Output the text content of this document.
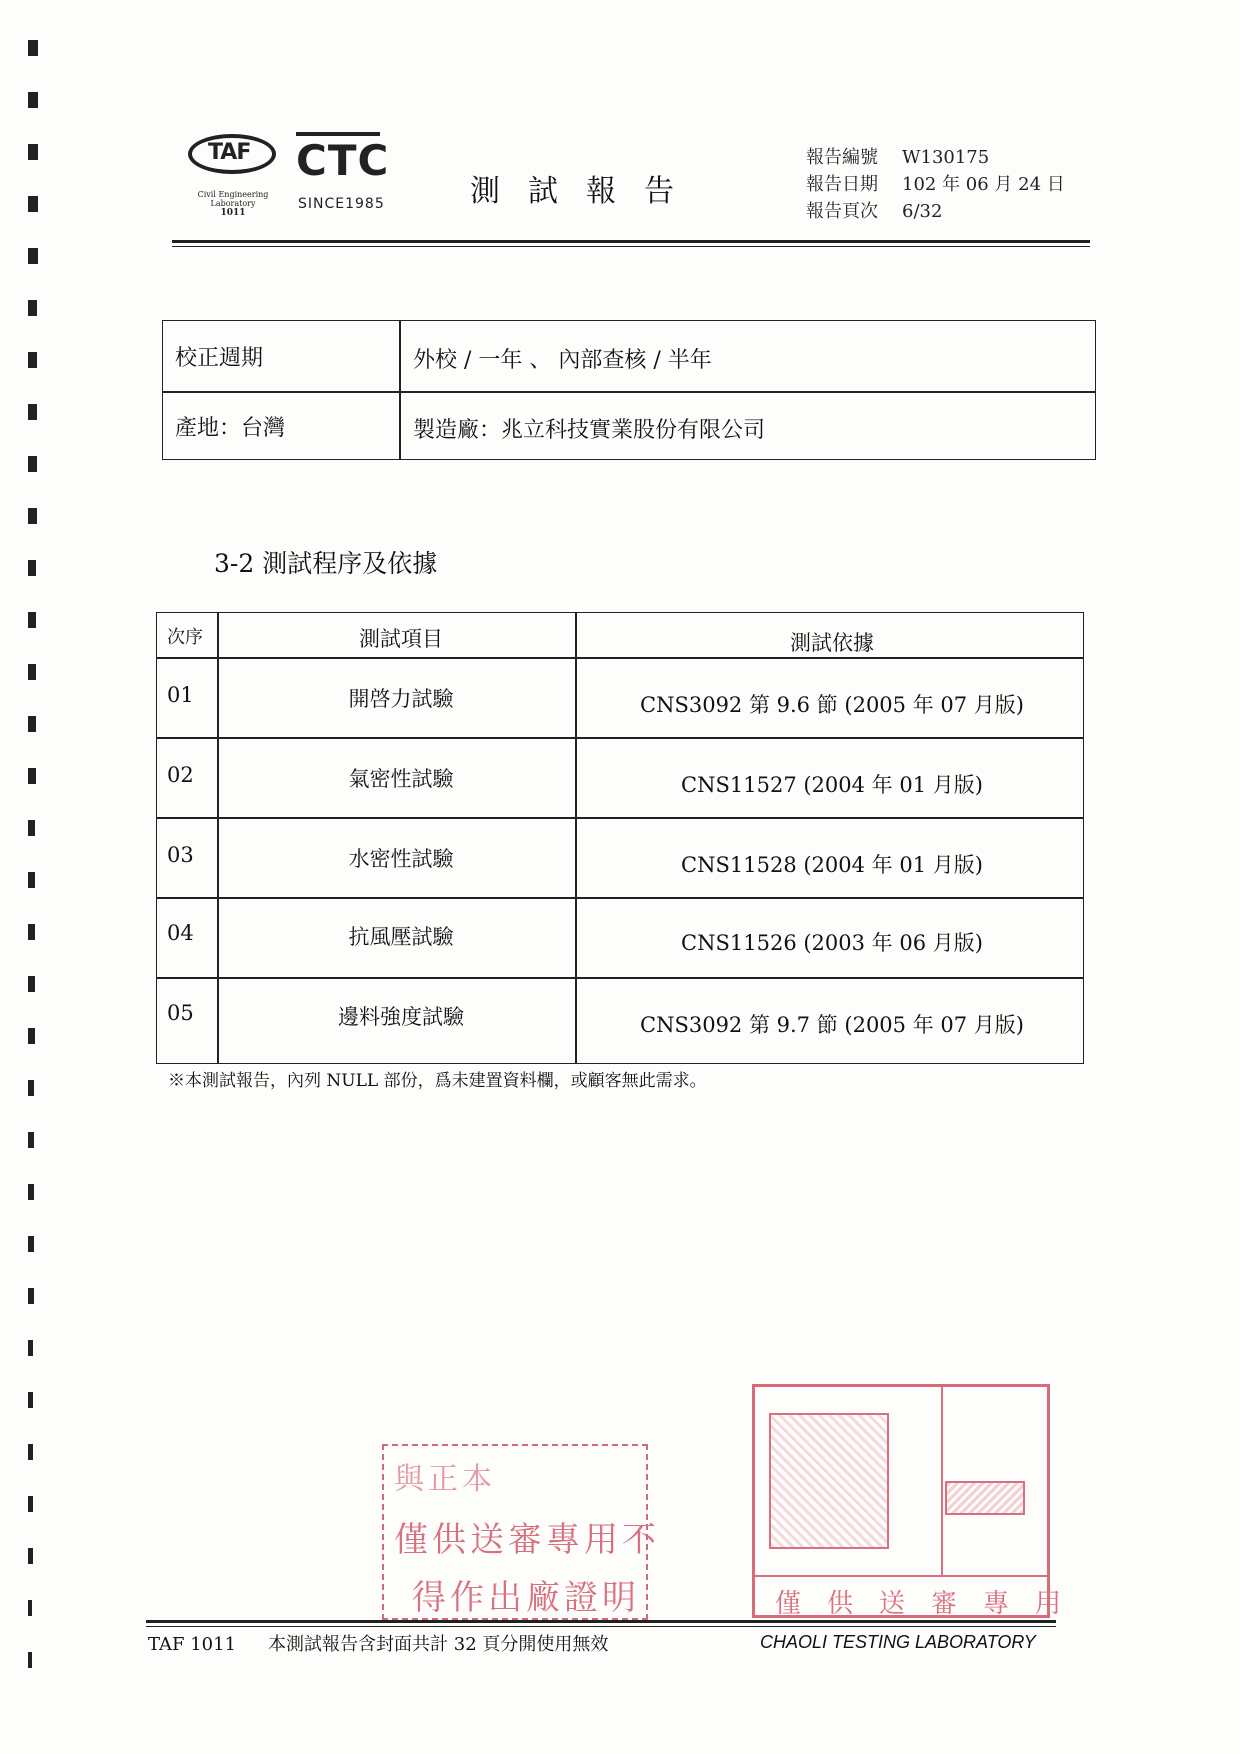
TAF
Civil Engineering Laboratory
1011
CTC
SINCE1985	測試報告
報告編號 W130175
報告日期 102 年 06 月 24 日
報告頁次 6/32
校正週期	外校 / 一年 、 內部查核 / 半年
產地：台灣	製造廠：兆立科技實業股份有限公司
3-2 測試程序及依據
次序	測試項目	測試依據
01	開啓力試驗	CNS3092 第 9.6 節 (2005 年 07 月版)
02	氣密性試驗	CNS11527 (2004 年 01 月版)
03	水密性試驗	CNS11528 (2004 年 01 月版)
04	抗風壓試驗	CNS11526 (2003 年 06 月版)
05	邊料強度試驗	CNS3092 第 9.7 節 (2005 年 07 月版)
※本測試報告，內列 NULL 部份，爲未建置資料欄，或顧客無此需求。
與正本
僅供送審專用不
得作出廠證明	僅供送審專用
TAF 1011 本測試報告含封面共計 32 頁分開使用無效	CHAOLI TESTING LABORATORY
